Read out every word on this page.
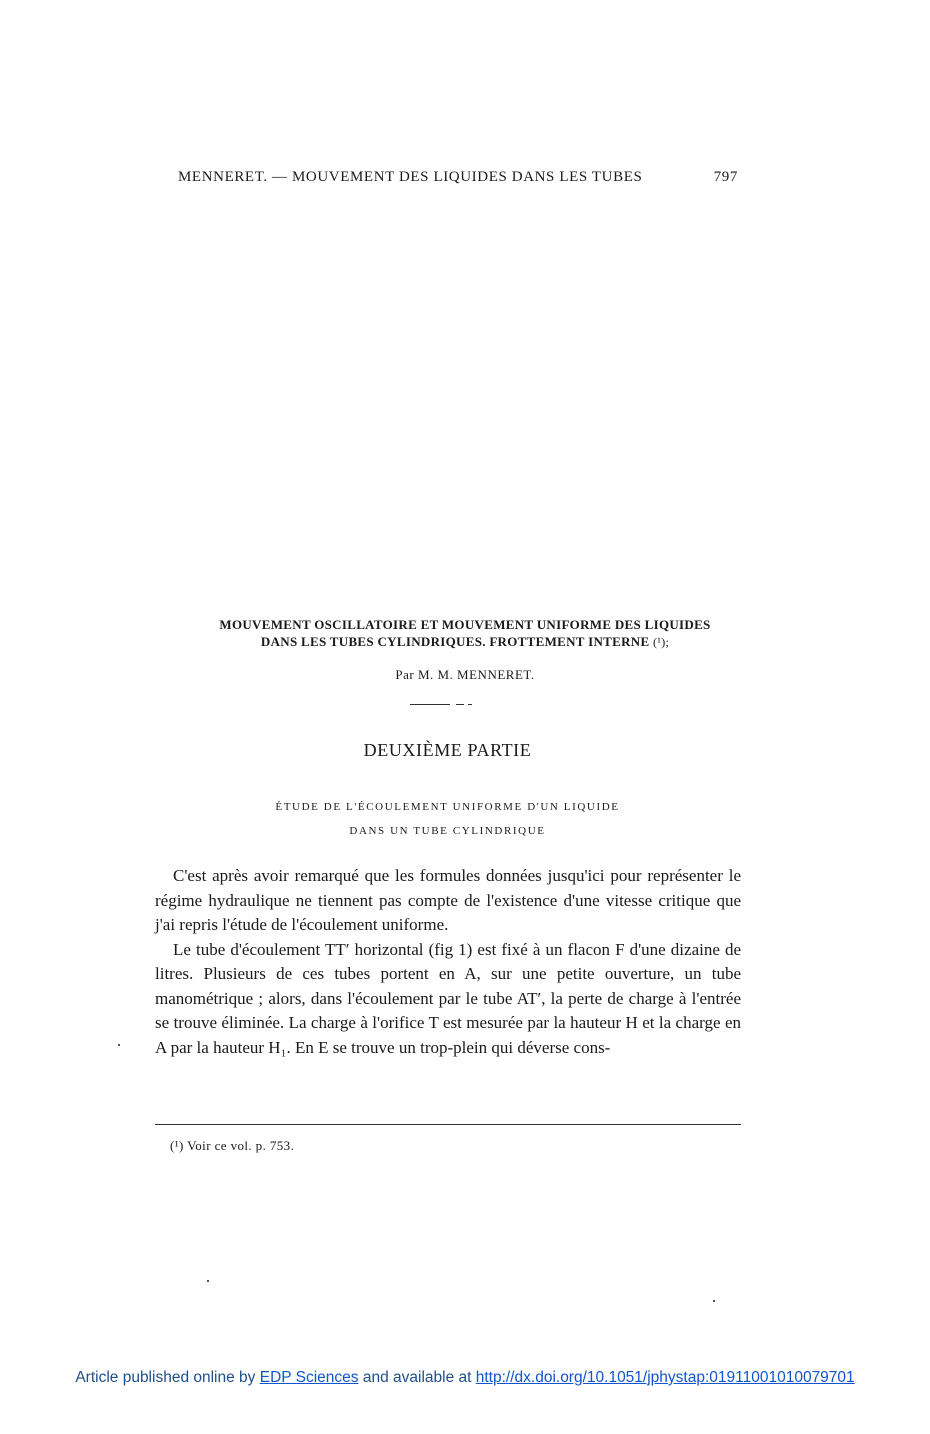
MENNERET. — MOUVEMENT DES LIQUIDES DANS LES TUBES	797
MOUVEMENT OSCILLATOIRE ET MOUVEMENT UNIFORME DES LIQUIDES
DANS LES TUBES CYLINDRIQUES. FROTTEMENT INTERNE (¹);
Par M. M. MENNERET.
DEUXIÈME PARTIE
ÉTUDE DE L'ÉCOULEMENT UNIFORME D'UN LIQUIDE
DANS UN TUBE CYLINDRIQUE

C'est après avoir remarqué que les formules données jusqu'ici pour représenter le régime hydraulique ne tiennent pas compte de l'existence d'une vitesse critique que j'ai repris l'étude de l'écoulement uniforme.

Le tube d'écoulement TT′ horizontal (fig 1) est fixé à un flacon F d'une dizaine de litres. Plusieurs de ces tubes portent en A, sur une petite ouverture, un tube manométrique ; alors, dans l'écoulement par le tube AT′, la perte de charge à l'entrée se trouve éliminée. La charge à l'orifice T est mesurée par la hauteur H et la charge en A par la hauteur H₁. En E se trouve un trop-plein qui déverse cons-

(¹) Voir ce vol. p. 753.
Article published online by EDP Sciences and available at http://dx.doi.org/10.1051/jphystap:01911001010079701
